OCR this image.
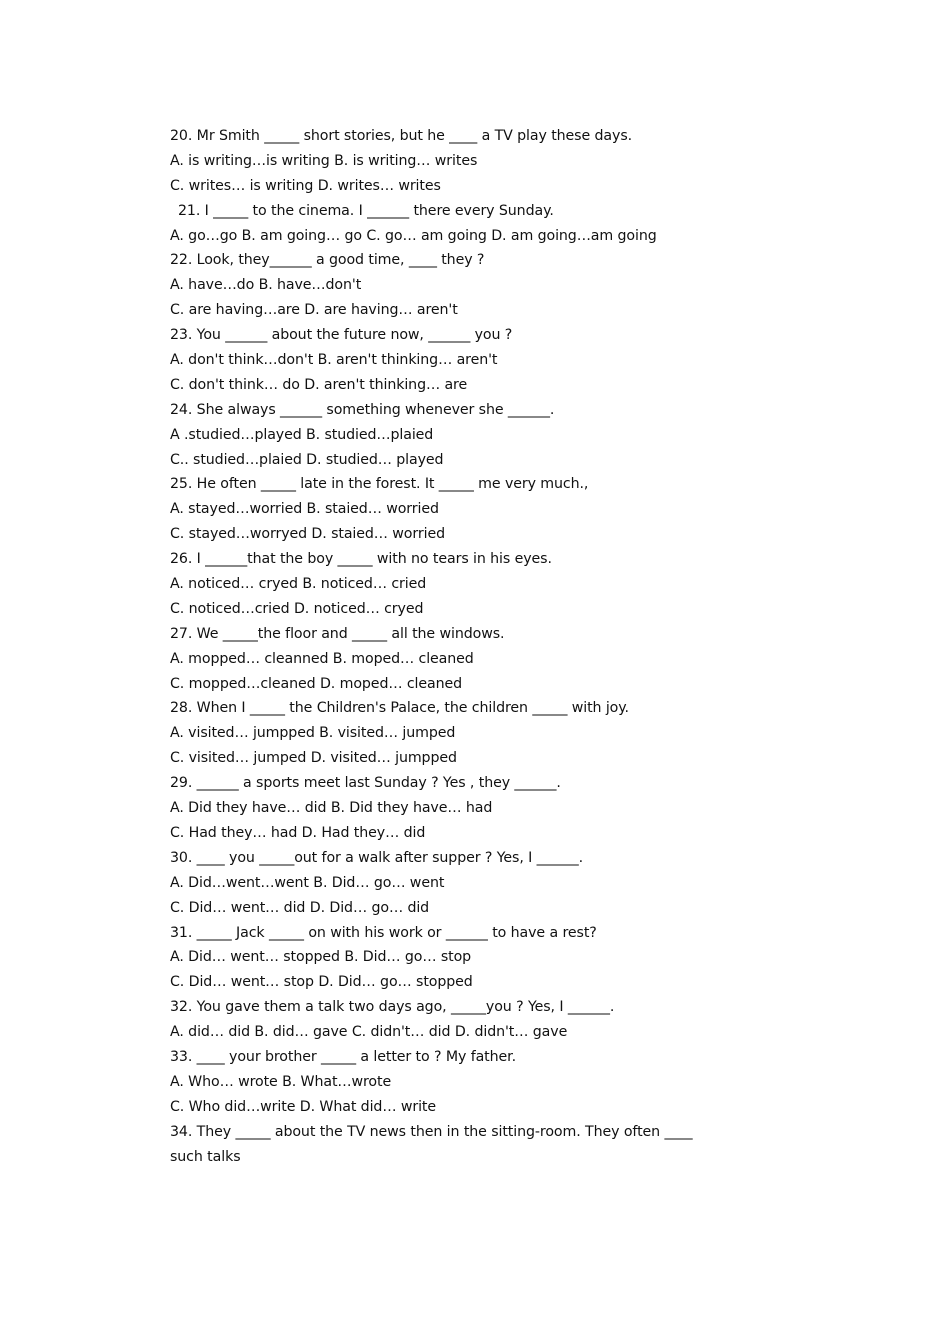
20. Mr Smith _____ short stories, but he ____ a TV play these days.
A. is writing…is writing B. is writing… writes
C. writes… is writing D. writes… writes
21. I _____ to the cinema. I ______ there every Sunday.
A. go…go B. am going… go C. go… am going D. am going…am going
22. Look, they______ a good time, ____ they ?
A. have…do B. have…don't
C. are having…are D. are having… aren't
23. You ______ about the future now, ______ you ?
A. don't think…don't B. aren't thinking… aren't
C. don't think… do D. aren't thinking… are
24. She always ______ something whenever she ______.
A .studied…played B. studied…plaied
C.. studied…plaied D. studied… played
25. He often _____ late in the forest. It _____ me very much.,
A. stayed…worried B. staied… worried
C. stayed…worryed D. staied… worried
26. I ______that the boy _____ with no tears in his eyes.
A. noticed… cryed B. noticed… cried
C. noticed…cried D. noticed… cryed
27. We _____the floor and _____ all the windows.
A. mopped… cleanned B. moped… cleaned
C. mopped…cleaned D. moped… cleaned
28. When I _____ the Children's Palace, the children _____ with joy.
A. visited… jumpped B. visited… jumped
C. visited… jumped D. visited… jumpped
29. ______ a sports meet last Sunday ? Yes , they ______.
A. Did they have… did B. Did they have… had
C. Had they… had D. Had they… did
30. ____ you _____out for a walk after supper ? Yes, I ______.
A. Did…went…went B. Did… go… went
C. Did… went… did D. Did… go… did
31. _____ Jack _____ on with his work or ______ to have a rest?
A. Did… went… stopped B. Did… go… stop
C. Did… went… stop D. Did… go… stopped
32. You gave them a talk two days ago, _____you ? Yes, I ______.
A. did… did B. did… gave C. didn't… did D. didn't… gave
33. ____ your brother _____ a letter to ? My father.
A. Who… wrote B. What…wrote
C. Who did…write D. What did… write
34. They _____ about the TV news then in the sitting-room. They often ____
such talks
